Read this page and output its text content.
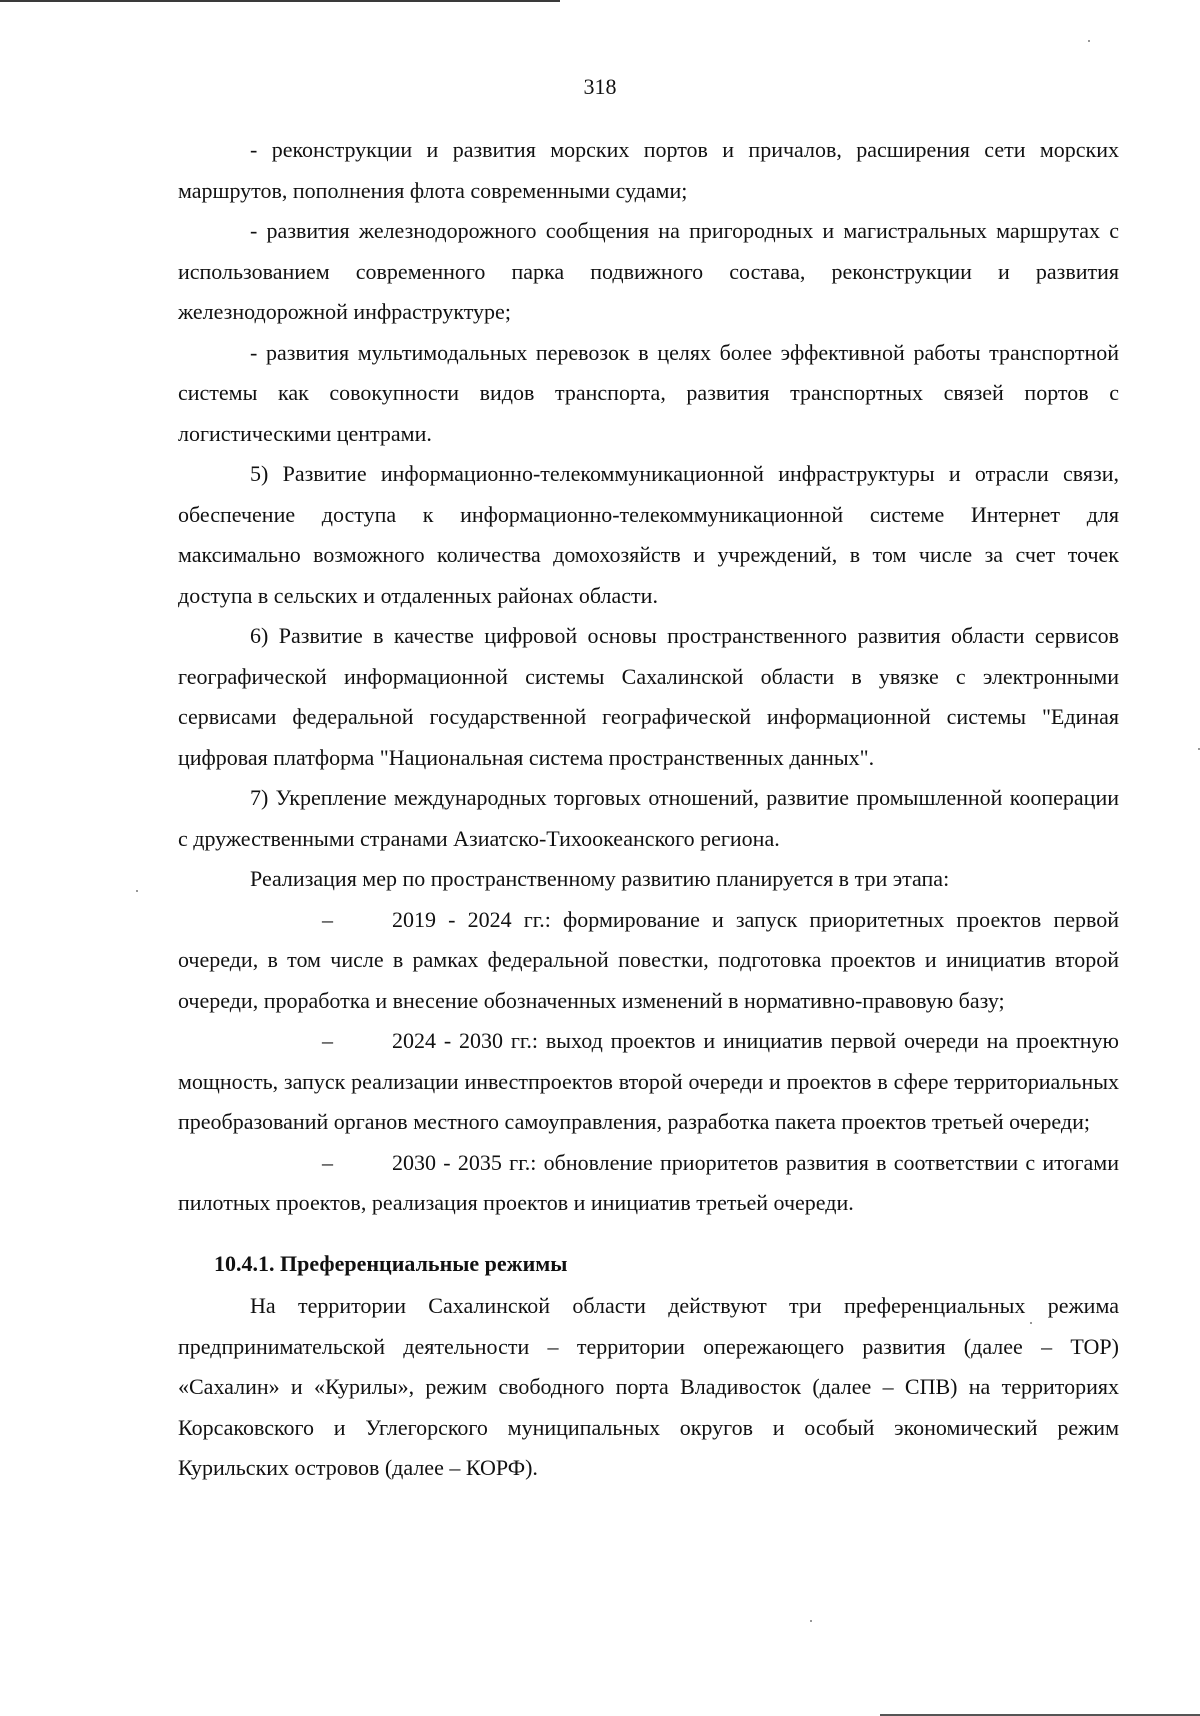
318

- реконструкции и развития морских портов и причалов, расширения сети морских маршрутов, пополнения флота современными судами;

- развития железнодорожного сообщения на пригородных и магистральных маршрутах с использованием современного парка подвижного состава, реконструкции и развития железнодорожной инфраструктуре;

- развития мультимодальных перевозок в целях более эффективной работы транспортной системы как совокупности видов транспорта, развития транспортных связей портов с логистическими центрами.

5) Развитие информационно-телекоммуникационной инфраструктуры и отрасли связи, обеспечение доступа к информационно-телекоммуникационной системе Интернет для максимально возможного количества домохозяйств и учреждений, в том числе за счет точек доступа в сельских и отдаленных районах области.

6) Развитие в качестве цифровой основы пространственного развития области сервисов географической информационной системы Сахалинской области в увязке с электронными сервисами федеральной государственной географической информационной системы "Единая цифровая платформа "Национальная система пространственных данных".

7) Укрепление международных торговых отношений, развитие промышленной кооперации с дружественными странами Азиатско-Тихоокеанского региона.

Реализация мер по пространственному развитию планируется в три этапа:

–	2019 - 2024 гг.: формирование и запуск приоритетных проектов первой очереди, в том числе в рамках федеральной повестки, подготовка проектов и инициатив второй очереди, проработка и внесение обозначенных изменений в нормативно-правовую базу;

–	2024 - 2030 гг.: выход проектов и инициатив первой очереди на проектную мощность, запуск реализации инвестпроектов второй очереди и проектов в сфере территориальных преобразований органов местного самоуправления, разработка пакета проектов третьей очереди;

–	2030 - 2035 гг.: обновление приоритетов развития в соответствии с итогами пилотных проектов, реализация проектов и инициатив третьей очереди.

10.4.1. Преференциальные режимы

На территории Сахалинской области действуют три преференциальных режима предпринимательской деятельности – территории опережающего развития (далее – ТОР) «Сахалин» и «Курилы», режим свободного порта Владивосток (далее – СПВ) на территориях Корсаковского и Углегорского муниципальных округов и особый экономический режим Курильских островов (далее – КОРФ).
